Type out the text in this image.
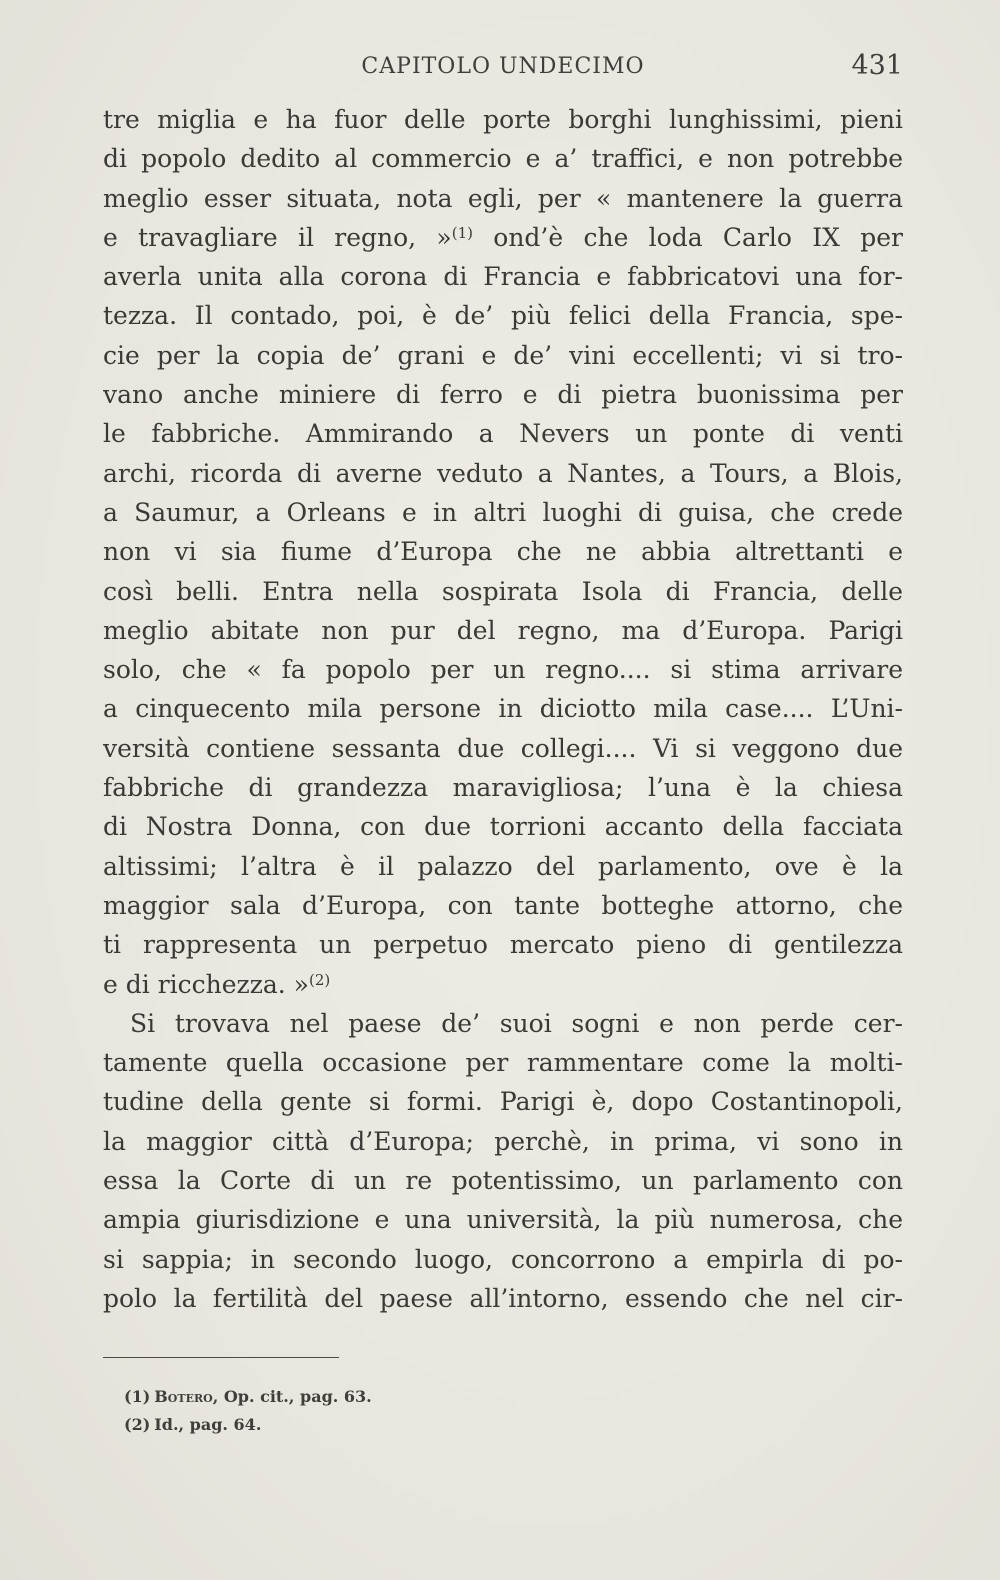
CAPITOLO UNDECIMO	431
tre miglia e ha fuor delle porte borghi lunghissimi, pieni
di popolo dedito al commercio e a’ traffici, e non potrebbe
meglio esser situata, nota egli, per « mantenere la guerra
e travagliare il regno, »$^{(1)}$ ond’è che loda Carlo IX per
averla unita alla corona di Francia e fabbricatovi una for-
tezza. Il contado, poi, è de’ più felici della Francia, spe-
cie per la copia de’ grani e de’ vini eccellenti; vi si tro-
vano anche miniere di ferro e di pietra buonissima per
le fabbriche. Ammirando a Nevers un ponte di venti
archi, ricorda di averne veduto a Nantes, a Tours, a Blois,
a Saumur, a Orleans e in altri luoghi di guisa, che crede
non vi sia fiume d’Europa che ne abbia altrettanti e
così belli. Entra nella sospirata Isola di Francia, delle
meglio abitate non pur del regno, ma d’Europa. Parigi
solo, che « fa popolo per un regno.... si stima arrivare
a cinquecento mila persone in diciotto mila case.... L’Uni-
versità contiene sessanta due collegi.... Vi si veggono due
fabbriche di grandezza maravigliosa; l’una è la chiesa
di Nostra Donna, con due torrioni accanto della facciata
altissimi; l’altra è il palazzo del parlamento, ove è la
maggior sala d’Europa, con tante botteghe attorno, che
ti rappresenta un perpetuo mercato pieno di gentilezza
e di ricchezza. »$^{(2)}$
Si trovava nel paese de’ suoi sogni e non perde cer-
tamente quella occasione per rammentare come la molti-
tudine della gente si formi. Parigi è, dopo Costantinopoli,
la maggior città d’Europa; perchè, in prima, vi sono in
essa la Corte di un re potentissimo, un parlamento con
ampia giurisdizione e una università, la più numerosa, che
si sappia; in secondo luogo, concorrono a empirla di po-
polo la fertilità del paese all’intorno, essendo che nel cir-
(1) Botero, Op. cit., pag. 63.
(2) Id., pag. 64.
